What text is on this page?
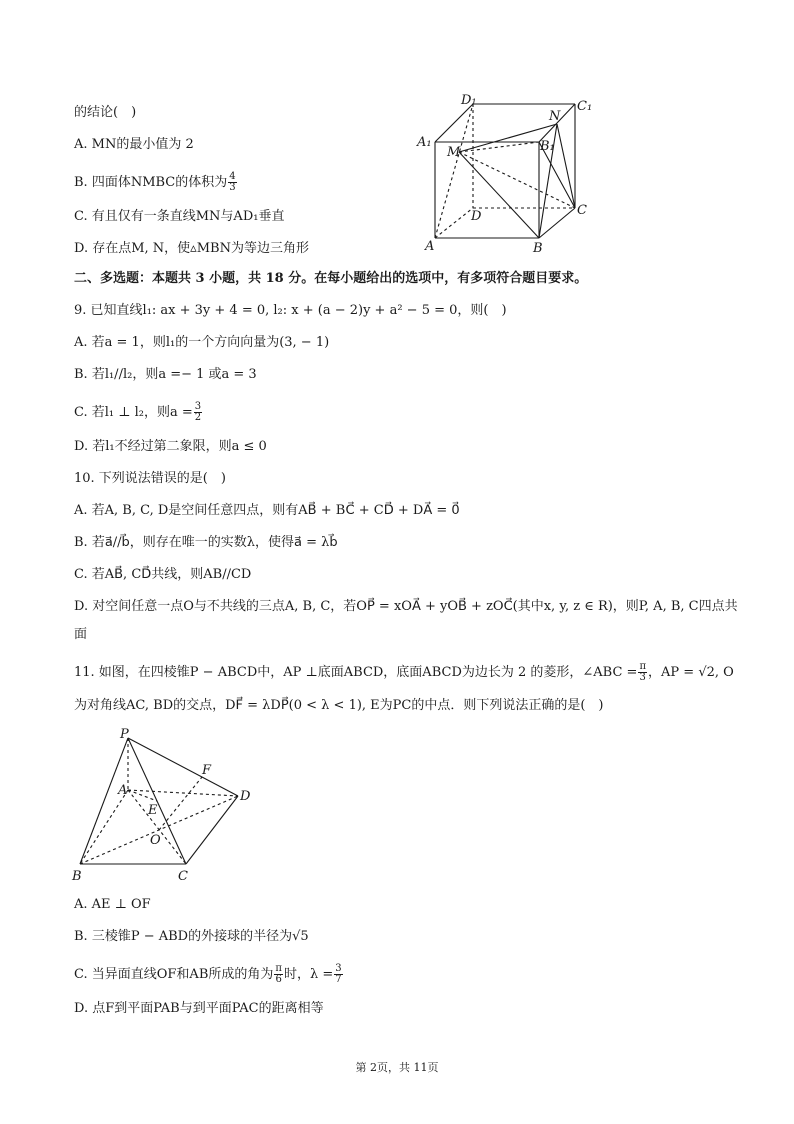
的结论(　)
A. MN的最小值为 2
B. 四面体NMBC的体积为 $\frac{4}{3}$
C. 有且仅有一条直线MN与AD₁垂直
D. 存在点M, N，使▵MBN为等边三角形
D₁	C₁
A₁	B₁
N
M
D	C
A	B
二、多选题：本题共 3 小题，共 18 分。在每小题给出的选项中，有多项符合题目要求。
9. 已知直线l₁: ax + 3y + 4 = 0, l₂: x + (a − 2)y + a² − 5 = 0，则(　)
A. 若a = 1，则l₁的一个方向向量为(3, − 1)
B. 若l₁//l₂，则a =− 1 或a = 3
C. 若l₁ ⊥ l₂，则$a = \frac{3}{2}$
D. 若l₁不经过第二象限，则a ≤ 0
10. 下列说法错误的是(　)
A. 若A, B, C, D是空间任意四点，则有AB⃗ + BC⃗ + CD⃗ + DA⃗ = 0⃗
B. 若a⃗//b⃗，则存在唯一的实数λ，使得a⃗ = λb⃗
C. 若AB⃗, CD⃗共线，则AB//CD
D. 对空间任意一点O与不共线的三点A, B, C，若OP⃗ = xOA⃗ + yOB⃗ + zOC⃗(其中x, y, z ∈ R)，则P, A, B, C四点共
面
11. 如图，在四棱锥P − ABCD中，AP ⊥底面ABCD，底面ABCD为边长为 2 的菱形，∠ABC = $\frac{\pi}{3}$ ，AP = √2, O
为对角线AC, BD的交点，DF⃗ = λDP⃗(0 < λ < 1), E为PC的中点．则下列说法正确的是(　)
P
F
A	D
E
O
B	C
A. AE ⊥ OF
B. 三棱锥P − ABD的外接球的半径为√5
C. 当异面直线OF和AB所成的角为 $\frac{\pi}{6}$ 时，$\lambda = \frac{3}{7}$
D. 点F到平面PAB与到平面PAC的距离相等
第 2页，共 11页
